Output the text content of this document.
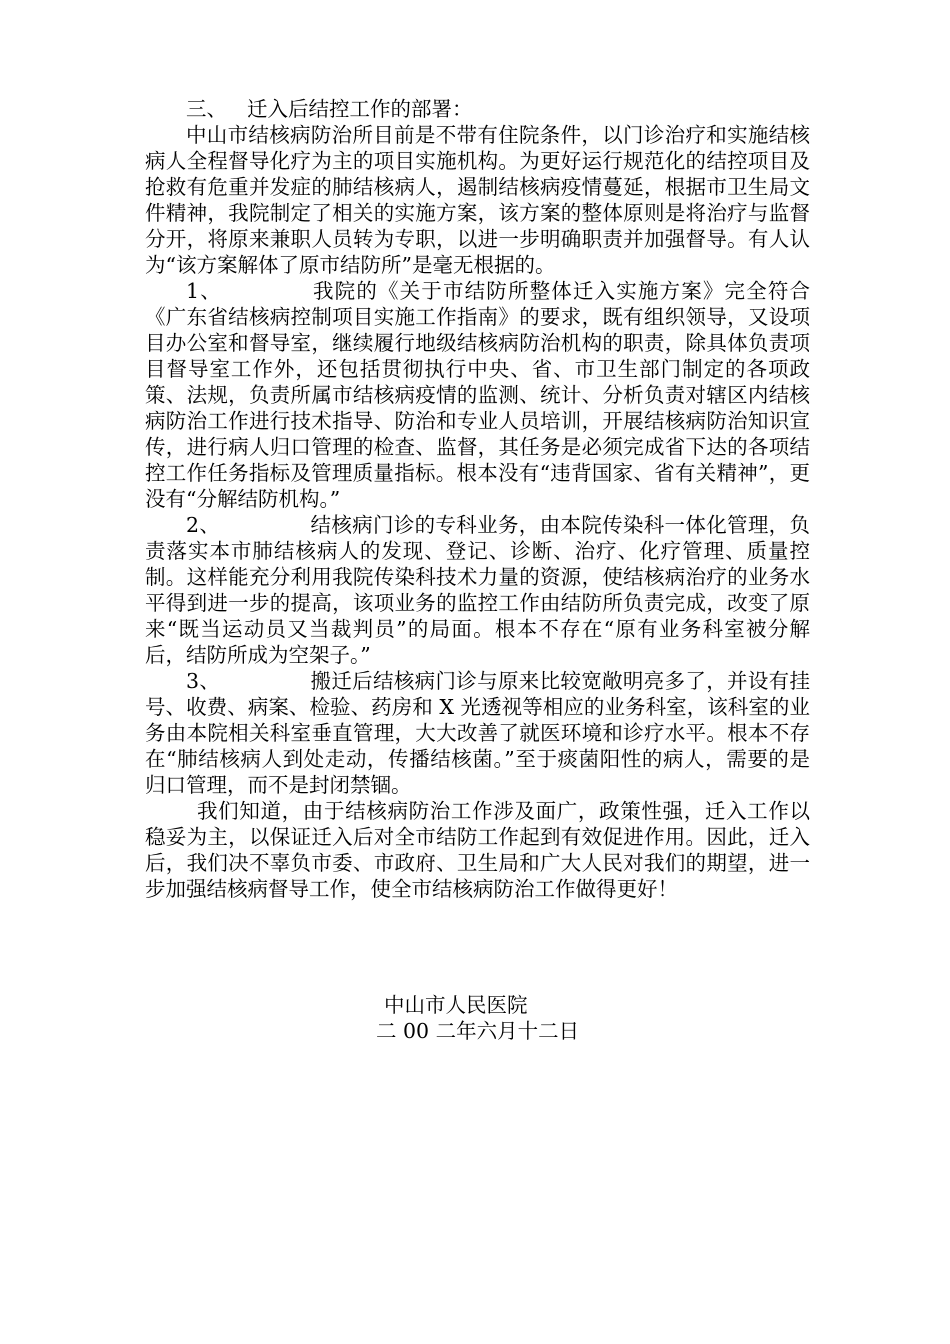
三、 迁入后结控工作的部署：

中山市结核病防治所目前是不带有住院条件，以门诊治疗和实施结核病人全程督导化疗为主的项目实施机构。为更好运行规范化的结控项目及抢救有危重并发症的肺结核病人，遏制结核病疫情蔓延，根据市卫生局文件精神，我院制定了相关的实施方案，该方案的整体原则是将治疗与监督分开，将原来兼职人员转为专职，以进一步明确职责并加强督导。有人认为“该方案解体了原市结防所”是毫无根据的。

1、	我院的《关于市结防所整体迁入实施方案》完全符合《广东省结核病控制项目实施工作指南》的要求，既有组织领导，又设项目办公室和督导室，继续履行地级结核病防治机构的职责，除具体负责项目督导室工作外，还包括贯彻执行中央、省、市卫生部门制定的各项政策、法规，负责所属市结核病疫情的监测、统计、分析负责对辖区内结核病防治工作进行技术指导、防治和专业人员培训，开展结核病防治知识宣传，进行病人归口管理的检查、监督，其任务是必须完成省下达的各项结控工作任务指标及管理质量指标。根本没有“违背国家、省有关精神”，更没有“分解结防机构。”

2、	结核病门诊的专科业务，由本院传染科一体化管理，负责落实本市肺结核病人的发现、登记、诊断、治疗、化疗管理、质量控制。这样能充分利用我院传染科技术力量的资源，使结核病治疗的业务水平得到进一步的提高，该项业务的监控工作由结防所负责完成，改变了原来“既当运动员又当裁判员”的局面。根本不存在“原有业务科室被分解后，结防所成为空架子。”

3、	搬迁后结核病门诊与原来比较宽敞明亮多了，并设有挂号、收费、病案、检验、药房和 X 光透视等相应的业务科室，该科室的业务由本院相关科室垂直管理，大大改善了就医环境和诊疗水平。根本不存在“肺结核病人到处走动，传播结核菌。”至于痰菌阳性的病人，需要的是归口管理，而不是封闭禁锢。

我们知道，由于结核病防治工作涉及面广，政策性强，迁入工作以稳妥为主，以保证迁入后对全市结防工作起到有效促进作用。因此，迁入后，我们决不辜负市委、市政府、卫生局和广大人民对我们的期望，进一步加强结核病督导工作，使全市结核病防治工作做得更好！

中山市人民医院
二 00 二年六月十二日
